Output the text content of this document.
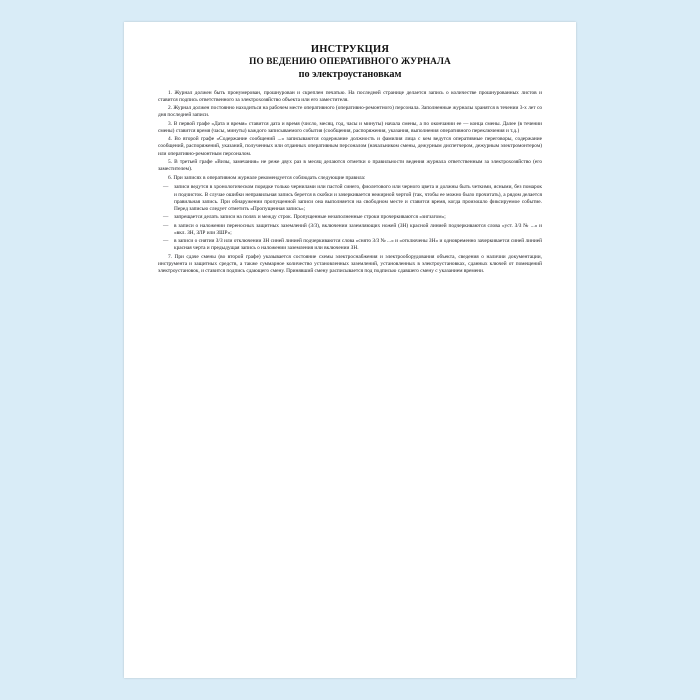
ИНСТРУКЦИЯ
ПО ВЕДЕНИЮ ОПЕРАТИВНОГО ЖУРНАЛА
по электроустановкам

1. Журнал должен быть пронумерован, прошнурован и скреплен печатью. На последней странице делается запись о количестве прошнурованных листов и ставится подпись ответственного за электрохозяйство объекта или его заместителя.

2. Журнал должен постоянно находиться на рабочем месте оперативного (оперативно-ремонтного) персонала. Заполненные журналы хранятся в течении 3-х лет со дня последней записи.

3. В первой графе «Дата и время» ставится дата и время (число, месяц, год, часы и минуты) начала смены, а по окончании ее — конца смены. Далее (в течении смены) ставится время (часы, минуты) каждого записываемого события (сообщения, распоряжения, указания, выполнения оперативного переключения и т.д.)

4. Во второй графе «Содержание сообщений ...» записываются содержание должность и фамилия лица с кем ведутся оперативные переговоры, содержание сообщений, распоряжений, указаний, полученных или отданных оперативным персоналом (начальником смены, дежурным диспетчером, дежурным электромонтером) или оперативно-ремонтным персоналом.

5. В третьей графе «Визы, замечания» не реже двух раз в месяц делаются отметки о правильности ведения журнала ответственным за электрохозяйство (его заместителем).

6. При записях в оперативном журнале рекомендуется соблюдать следующие правила:

— записи ведутся в хронологическом порядке только чернилами или пастой синего, фиолетового или черного цвета и должны быть четкими, ясными, без помарок и подчисток. В случае ошибки неправильная запись берется в скобки и зачеркивается нежирной чертой (так, чтобы ее можно было прочитать), а рядом делается правильная запись. При обнаружении пропущенной записи она выполняется на свободном месте и ставится время, когда произошло фиксируемое событие. Перед записью следует отметить «Пропущенная запись»;
— запрещается делать записи на полях и между строк. Пропущенные незаполненные строки прочеркиваются «зигзагом»;
— в записи о наложении переносных защитных заземлений (З/З), включении заземляющих ножей (ЗН) красной линией подчеркиваются слова «уст. З/З № ...» и «вкл. ЗН, ЗЛР или ЗШР»;
— в записи о снятии З/З или отключении ЗН синей линией подчеркиваются слова «снято З/З № ...» и «отключены ЗН» и одновременно зачеркивается синей линией красная черта и предыдущая запись о наложении заземления или включении ЗН.

7. При сдаче смены (во второй графе) указывается состояние схемы электроснабжения и электрооборудования объекта, сведения о наличии документации, инструмента и защитных средств, а также суммарное количество установленных заземлений, установленных в электроустановках, сданных ключей от помещений электроустановок, и ставится подпись сдающего смену. Принявший смену расписывается под подписью сдавшего смену с указанием времени.
